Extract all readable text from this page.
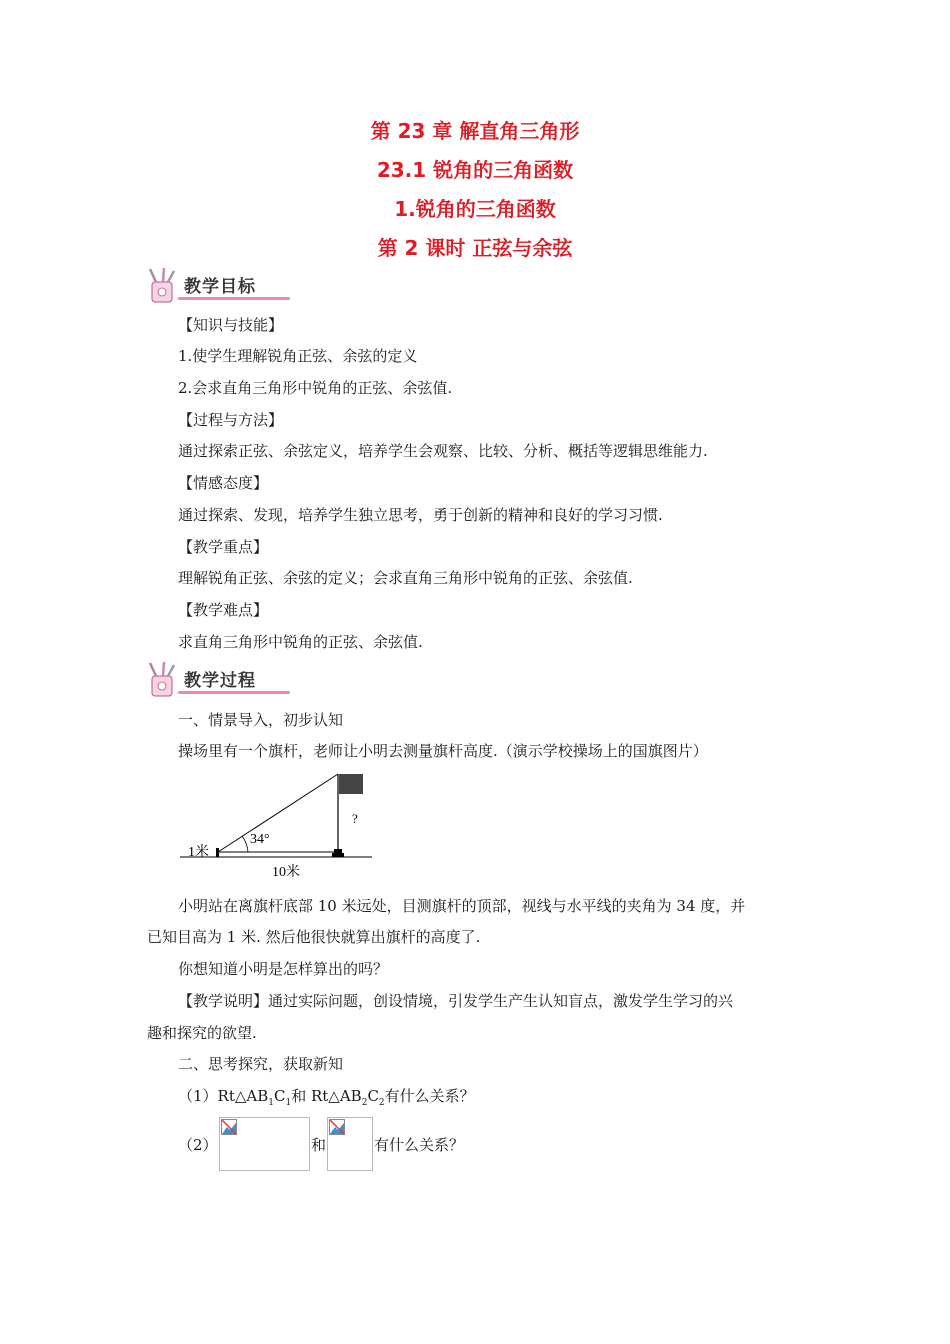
第 23 章 解直角三角形
23.1 锐角的三角函数
1.锐角的三角函数
第 2 课时 正弦与余弦
教学目标
【知识与技能】
1.使学生理解锐角正弦、余弦的定义
2.会求直角三角形中锐角的正弦、余弦值.
【过程与方法】
通过探索正弦、余弦定义，培养学生会观察、比较、分析、概括等逻辑思维能力.
【情感态度】
通过探索、发现，培养学生独立思考，勇于创新的精神和良好的学习习惯.
【教学重点】
理解锐角正弦、余弦的定义；会求直角三角形中锐角的正弦、余弦值.
【教学难点】
求直角三角形中锐角的正弦、余弦值.
教学过程
一、情景导入，初步认知
操场里有一个旗杆，老师让小明去测量旗杆高度.（演示学校操场上的国旗图片）
34°
1米
10米
?
小明站在离旗杆底部 10 米远处，目测旗杆的顶部，视线与水平线的夹角为 34 度，并
已知目高为 1 米. 然后他很快就算出旗杆的高度了.
你想知道小明是怎样算出的吗？
【教学说明】通过实际问题，创设情境，引发学生产生认知盲点，激发学生学习的兴
趣和探究的欲望.
二、思考探究，获取新知
$(1)Rt\triangle AB_1C_1$和 $Rt\triangle AB_2C_2$有什么关系？
（2）	和	有什么关系？
